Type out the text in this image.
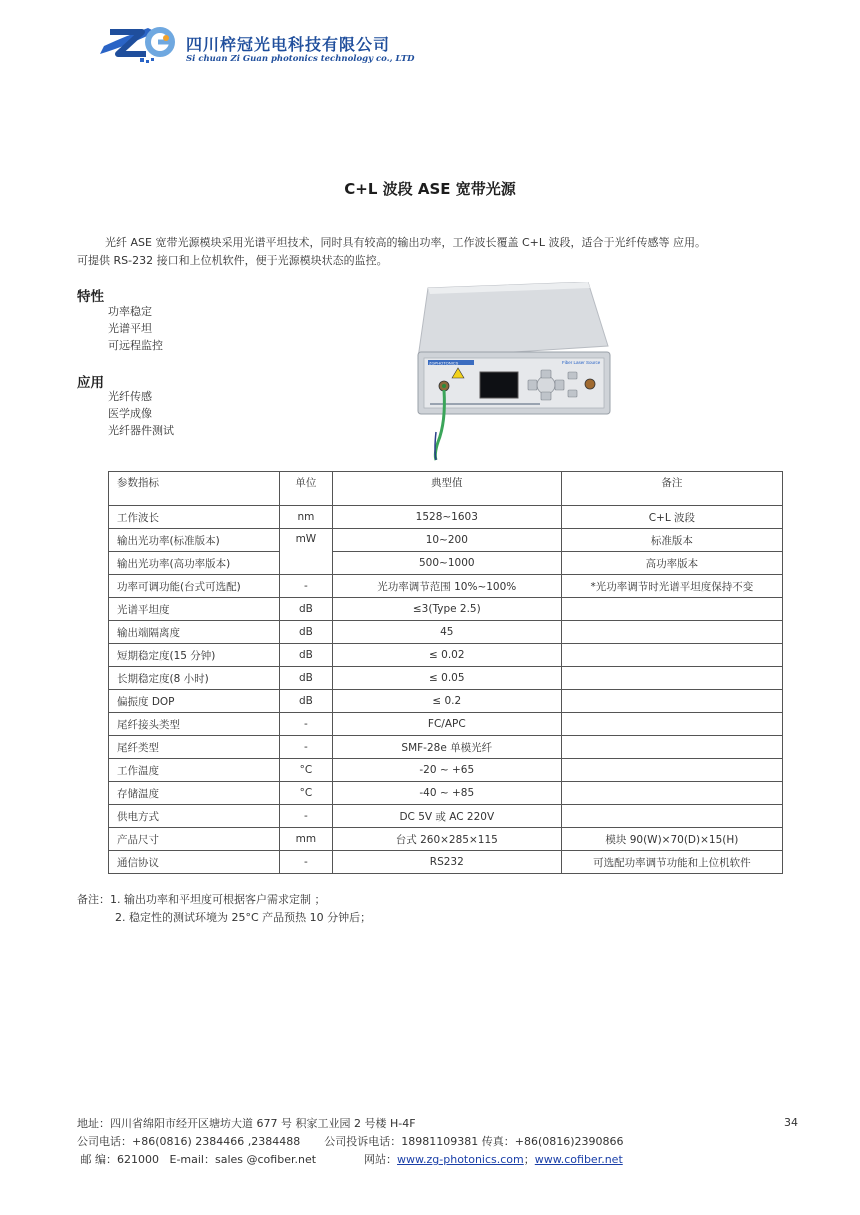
四川梓冠光电科技有限公司
Si chuan Zi Guan photonics technology co., LTD
C+L 波段 ASE 宽带光源

光纤 ASE 宽带光源模块采用光谱平坦技术，同时具有较高的输出功率，工作波长覆盖 C+L 波段，适合于光纤传感等 应用。

可提供 RS-232 接口和上位机软件，便于光源模块状态的监控。

特性
功率稳定
光谱平坦
可远程监控
应用
光纤传感
医学成像
光纤器件测试
ZGPHOTONICS	Fiber Laser Source
参数指标	单位	典型值	备注
工作波长	nm	1528~1603	C+L 波段
输出光功率(标准版本)	mW	10~200	标准版本
输出光功率(高功率版本)		500~1000	高功率版本
功率可调功能(台式可选配)	-	光功率调节范围 10%~100%	*光功率调节时光谱平坦度保持不变
光谱平坦度	dB	≤3(Type 2.5)	
输出端隔离度	dB	45	
短期稳定度(15 分钟)	dB	≤ 0.02	
长期稳定度(8 小时)	dB	≤ 0.05	
偏振度 DOP	dB	≤ 0.2	
尾纤接头类型	-	FC/APC	
尾纤类型	-	SMF-28e 单模光纤	
工作温度	°C	-20 ~ +65	
存储温度	°C	-40 ~ +85	
供电方式	-	DC 5V 或 AC 220V	
产品尺寸	mm	台式 260×285×115	模块 90(W)×70(D)×15(H)
通信协议	-	RS232	可选配功率调节功能和上位机软件
备注：1. 输出功率和平坦度可根据客户需求定制 ；
2. 稳定性的测试环境为 25°C 产品预热 10 分钟后；
地址：四川省绵阳市经开区塘坊大道 677 号 积家工业园 2 号楼 H-4F
公司电话：+86(0816) 2384466 ,2384488 公司投诉电话：18981109381 传真：+86(0816)2390866
邮 编：621000 E-mail：sales @cofiber.net	网站：www.zg-photonics.com；www.cofiber.net
34
